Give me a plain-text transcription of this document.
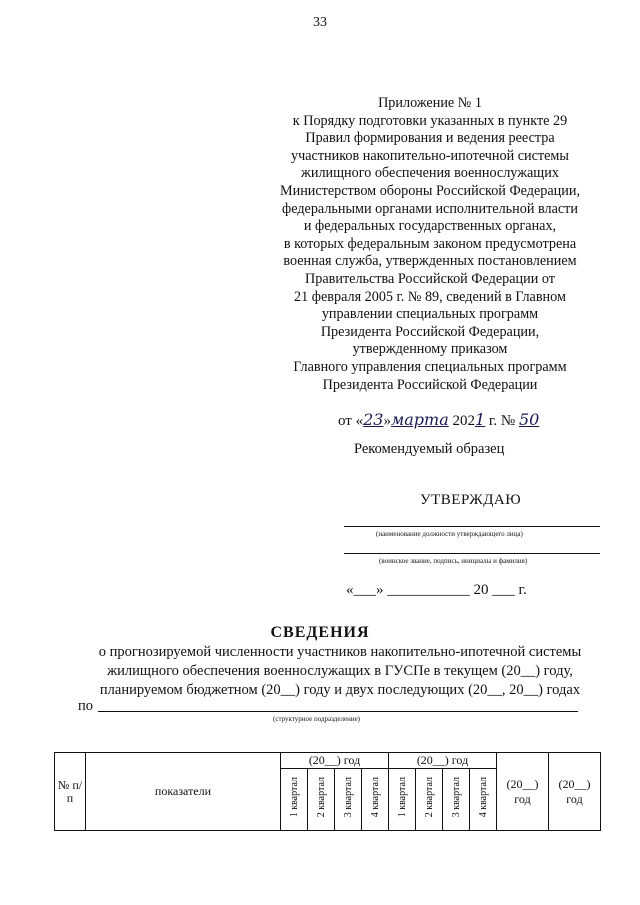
33
Приложение № 1
к Порядку подготовки указанных в пункте 29
Правил формирования и ведения реестра
участников накопительно-ипотечной системы
жилищного обеспечения военнослужащих
Министерством обороны Российской Федерации,
федеральными органами исполнительной власти
и федеральных государственных органах,
в которых федеральным законом предусмотрена
военная служба, утвержденных постановлением
Правительства Российской Федерации от
21 февраля 2005 г. № 89, сведений в Главном
управлении специальных программ
Президента Российской Федерации,
утвержденному приказом
Главного управления специальных программ
Президента Российской Федерации
от «23»марта 2021 г. № 50
Рекомендуемый образец
УТВЕРЖДАЮ
(наименование должности утверждающего лица)
(воинское звание, подпись, инициалы и фамилия)
«___» ___________ 20 ___ г.
СВЕДЕНИЯ
о прогнозируемой численности участников накопительно-ипотечной системы
жилищного обеспечения военнослужащих в ГУСПе в текущем (20__) году,
планируемом бюджетном (20__) году и двух последующих (20__, 20__) годах
по
(структурное подразделение)
№ п/п	показатели	(20__) год				(20__) год				(20__) год	(20__) год
		1 квартал	2 квартал	3 квартал	4 квартал	1 квартал	2 квартал	3 квартал	4 квартал		
